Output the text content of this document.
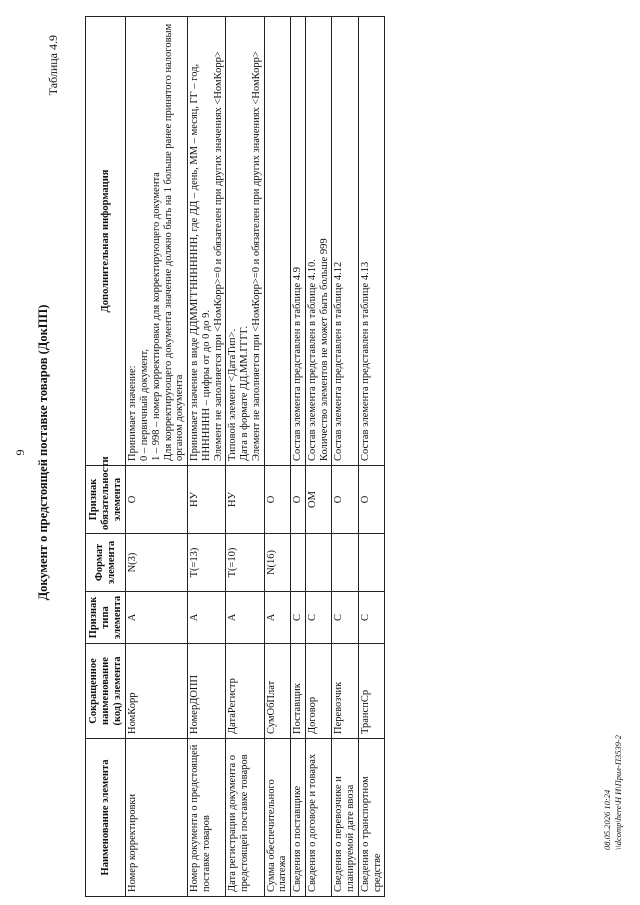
9 Документ о предстоящей поставке товаров (ДокПП)
Таблица 4.9
Наименование элемента	Сокращенное наименование (код) элемента	Признак типа элемента	Формат элемента	Признак обязательности элемента	Дополнительная информация
Номер корректировки	НомКорр	А	N(3)	О	Принимает значение:
0 – первичный документ,
1 – 998 – номер корректировки для корректирующего документа
Для корректирующего документа значение должно быть на 1 больше ранее принятого налоговым органом документа
Номер документа о предстоящей поставке товаров	НомерДОПП	А	T(=13)	НУ	Принимает значение в виде ДДММГГННННННН, где ДД – день, ММ – месяц, ГГ – год, ННННННН – цифры от до 0 до 9.
Элемент не заполняется при <НомКорр>=0 и обязателен при других значениях <НомКорр>
Дата регистрации документа о предстоящей поставке товаров	ДатаРегистр	А	T(=10)	НУ	Типовой элемент <ДатаТип>.
Дата в формате ДД.ММ.ГГГГ.
Элемент не заполняется при <НомКорр>=0 и обязателен при других значениях <НомКорр>
Сумма обеспечительного платежа	СумОбПлат	А	N(16)	О	
Сведения о поставщике	Поставщик	С		О	Состав элемента представлен в таблице 4.9
Сведения о договоре и товарах	Договор	С		ОМ	Состав элемента представлен в таблице 4.10.
Количество элементов не может быть больше 999
Сведения о перевозчике и планируемой дате ввоза	Перевозчик	С		О	Состав элемента представлен в таблице 4.12
Сведения о транспортном средстве	ТранспСр	С		О	Состав элемента представлен в таблице 4.13
08.05.2026 10:24 \\dcomp\here\Н И\Прил-П3539-2
